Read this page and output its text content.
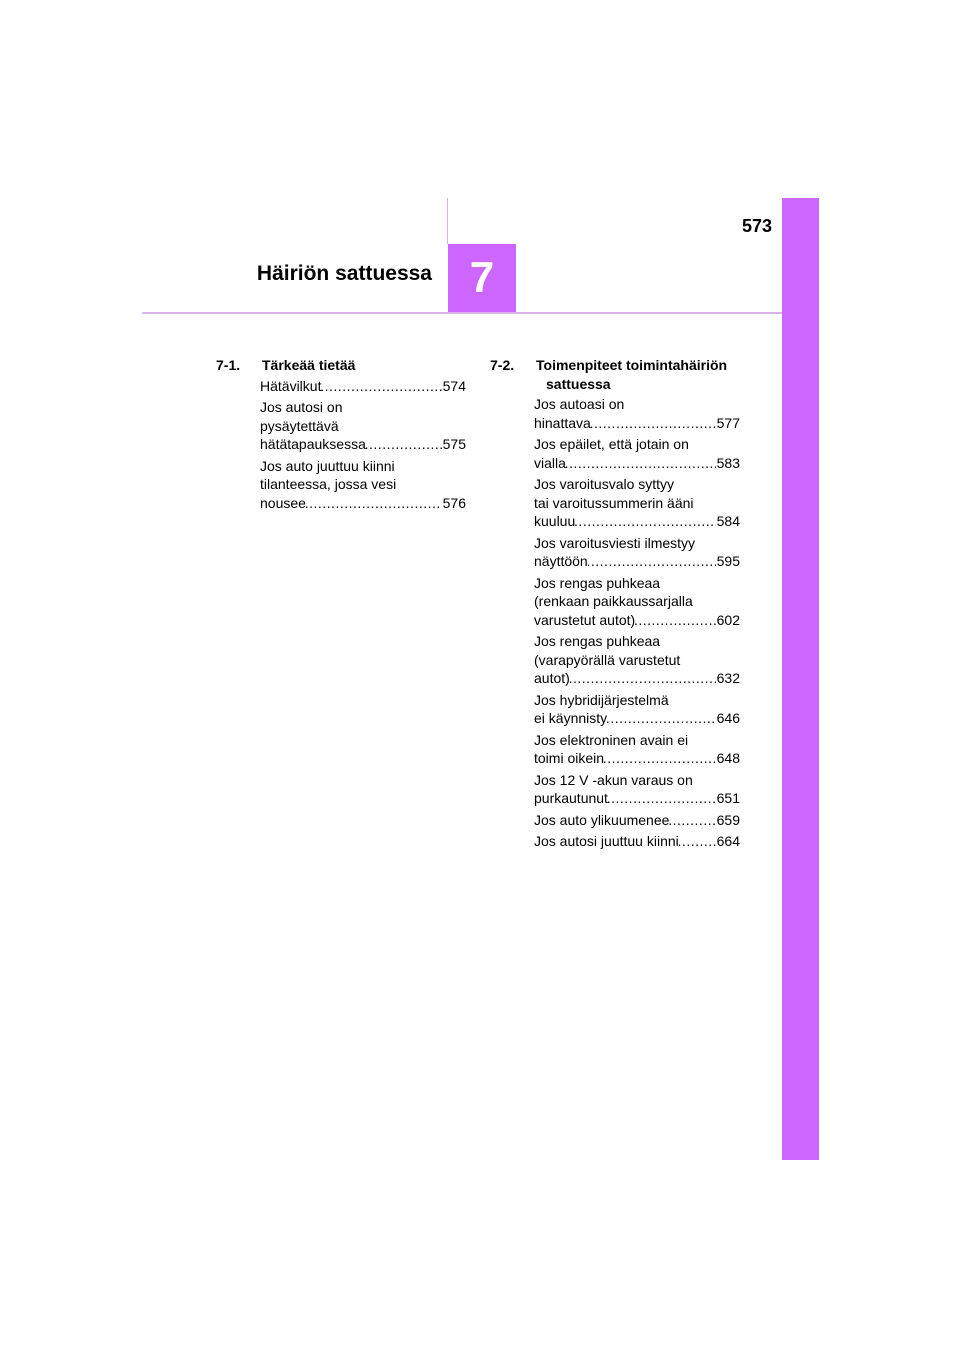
573
7
Häiriön sattuessa
7-1.	Tärkeää tietää
Hätävilkut .....	574
Jos autosi on
pysäytettävä
hätätapauksessa .....	575
Jos auto juuttuu kiinni
tilanteessa, jossa vesi
nousee .....	576
7-2.	Toimenpiteet toimintahäiriön
sattuessa
Jos autoasi on
hinattava .....	577
Jos epäilet, että jotain on
vialla .....	583
Jos varoitusvalo syttyy
tai varoitussummerin ääni
kuuluu .....	584
Jos varoitusviesti ilmestyy
näyttöön .....	595
Jos rengas puhkeaa
(renkaan paikkaussarjalla
varustetut autot) .....	602
Jos rengas puhkeaa
(varapyörällä varustetut
autot) .....	632
Jos hybridijärjestelmä
ei käynnisty .....	646
Jos elektroninen avain ei
toimi oikein .....	648
Jos 12 V -akun varaus on
purkautunut .....	651
Jos auto ylikuumenee .....	659
Jos autosi juuttuu kiinni .....	664
